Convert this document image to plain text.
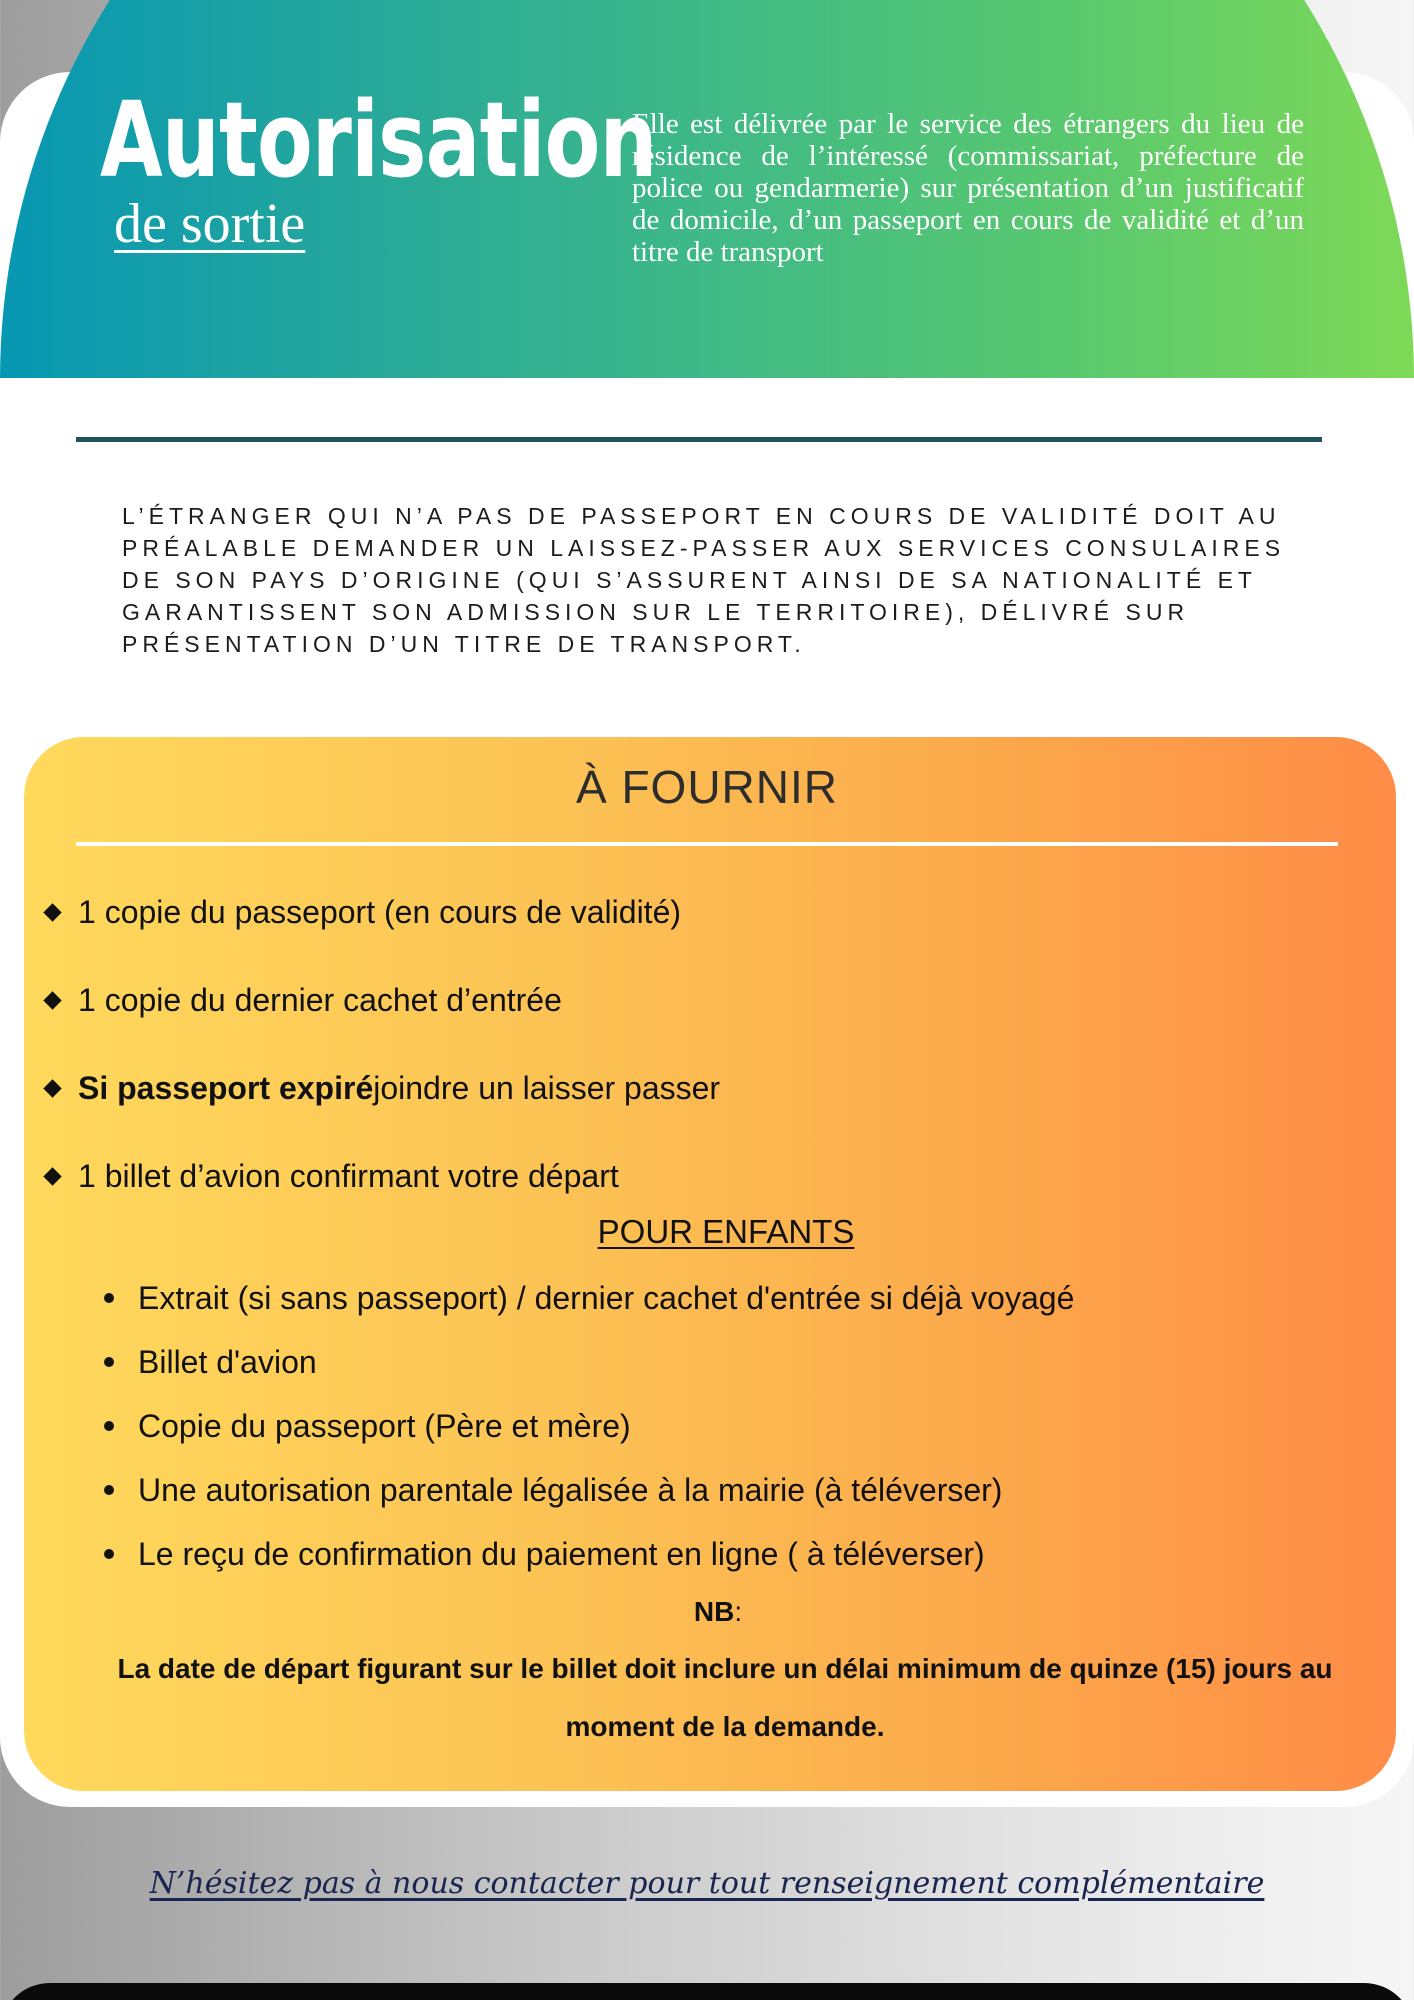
Autorisation
de sortie
Elle est délivrée par le service des étrangers du lieu de résidence de l’intéressé (commissariat, préfecture de police ou gendarmerie) sur présentation d’un justificatif de domicile, d’un passeport en cours de validité et d’un titre de transport
L’ÉTRANGER QUI N’A PAS DE PASSEPORT EN COURS DE VALIDITÉ DOIT AU PRÉALABLE DEMANDER UN LAISSEZ-PASSER AUX SERVICES CONSULAIRES DE SON PAYS D’ORIGINE (QUI S’ASSURENT AINSI DE SA NATIONALITÉ ET GARANTISSENT SON ADMISSION SUR LE TERRITOIRE), DÉLIVRÉ SUR PRÉSENTATION D’UN TITRE DE TRANSPORT.
À FOURNIR
1 copie du passeport (en cours de validité)
1 copie du dernier cachet d’entrée
Si passeport expiré joindre un laisser passer
1 billet d’avion confirmant votre départ
POUR ENFANTS
Extrait (si sans passeport) / dernier cachet d'entrée si déjà voyagé
Billet d'avion
Copie du passeport (Père et mère)
Une autorisation parentale légalisée à la mairie (à téléverser)
Le reçu de confirmation du paiement en ligne ( à téléverser)
NB:
La date de départ figurant sur le billet doit inclure un délai minimum de quinze (15) jours au moment de la demande.
N’hésitez pas à nous contacter pour tout renseignement complémentaire
